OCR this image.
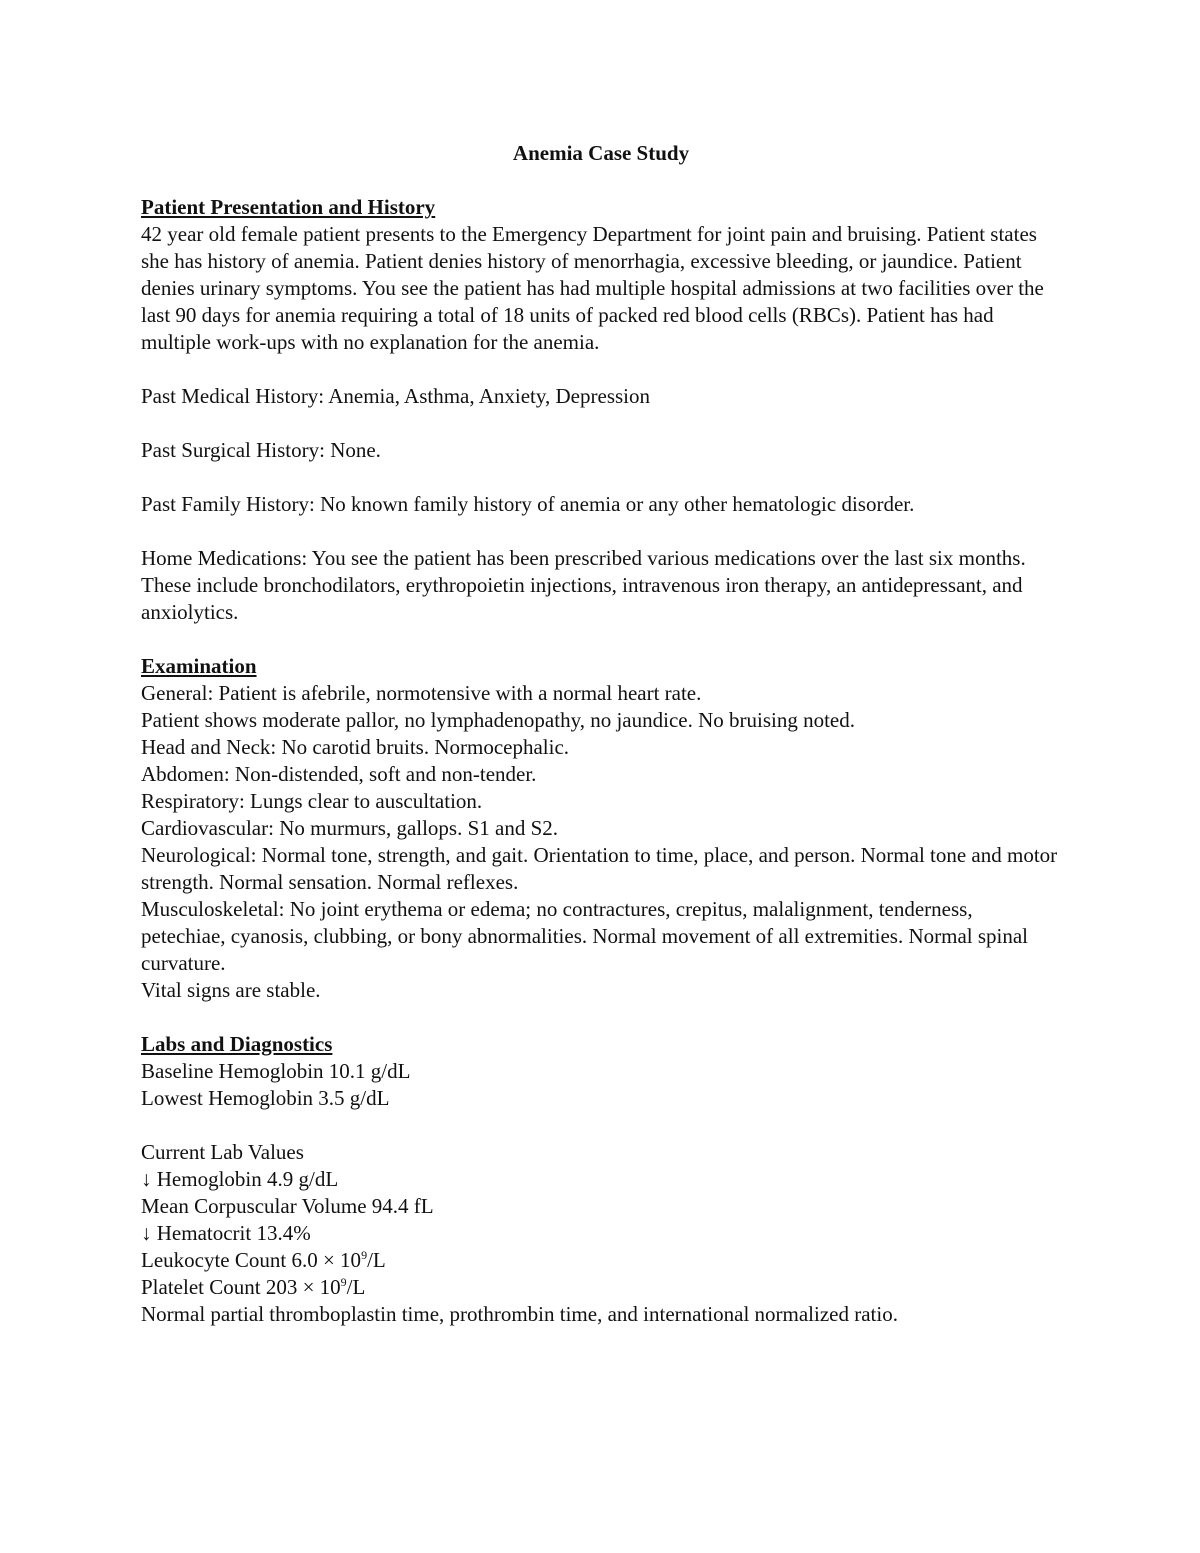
Anemia Case Study

Patient Presentation and History

42 year old female patient presents to the Emergency Department for joint pain and bruising. Patient states she has history of anemia. Patient denies history of menorrhagia, excessive bleeding, or jaundice. Patient denies urinary symptoms. You see the patient has had multiple hospital admissions at two facilities over the last 90 days for anemia requiring a total of 18 units of packed red blood cells (RBCs). Patient has had multiple work-ups with no explanation for the anemia.

Past Medical History: Anemia, Asthma, Anxiety, Depression

Past Surgical History: None.

Past Family History: No known family history of anemia or any other hematologic disorder.

Home Medications: You see the patient has been prescribed various medications over the last six months. These include bronchodilators, erythropoietin injections, intravenous iron therapy, an antidepressant, and anxiolytics.

Examination

General: Patient is afebrile, normotensive with a normal heart rate.
Patient shows moderate pallor, no lymphadenopathy, no jaundice. No bruising noted.
Head and Neck: No carotid bruits. Normocephalic.
Abdomen: Non-distended, soft and non-tender.
Respiratory: Lungs clear to auscultation.
Cardiovascular: No murmurs, gallops. S1 and S2.
Neurological: Normal tone, strength, and gait. Orientation to time, place, and person. Normal tone and motor strength. Normal sensation. Normal reflexes.
Musculoskeletal: No joint erythema or edema; no contractures, crepitus, malalignment, tenderness, petechiae, cyanosis, clubbing, or bony abnormalities. Normal movement of all extremities. Normal spinal curvature.
Vital signs are stable.

Labs and Diagnostics

Baseline Hemoglobin 10.1 g/dL
Lowest Hemoglobin 3.5 g/dL
Current Lab Values
↓ Hemoglobin 4.9 g/dL
Mean Corpuscular Volume 94.4 fL
↓ Hematocrit 13.4%
Leukocyte Count $6.0 \times 10^9/L$
Platelet Count $203 \times 10^9/L$
Normal partial thromboplastin time, prothrombin time, and international normalized ratio.
